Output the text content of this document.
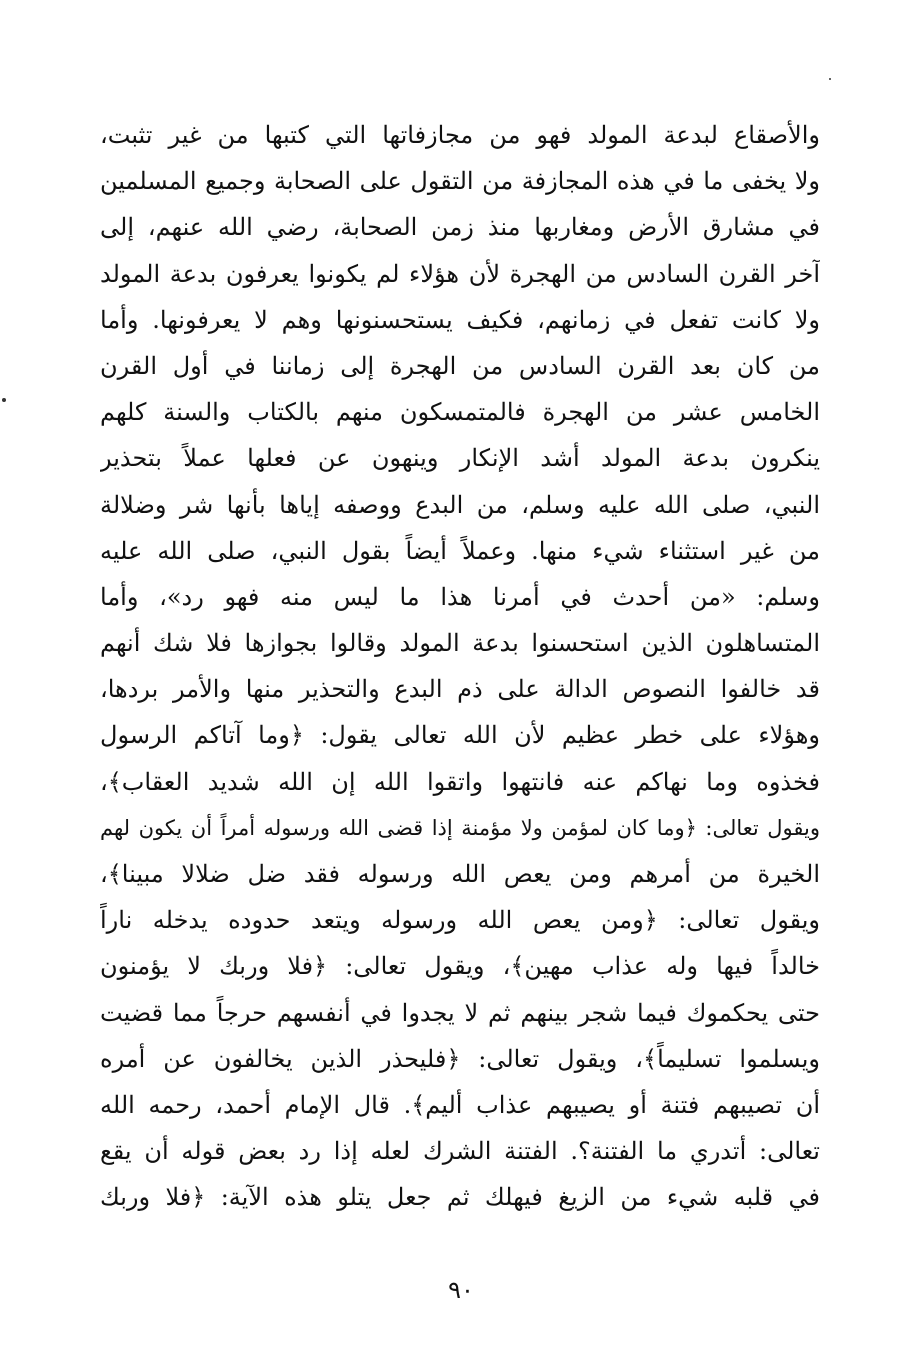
والأصقاع لبدعة المولد فهو من مجازفاتها التي كتبها من غير تثبت،
ولا يخفى ما في هذه المجازفة من التقول على الصحابة وجميع المسلمين
في مشارق الأرض ومغاربها منذ زمن الصحابة، رضي الله عنهم، إلى
آخر القرن السادس من الهجرة لأن هؤلاء لم يكونوا يعرفون بدعة المولد
ولا كانت تفعل في زمانهم، فكيف يستحسنونها وهم لا يعرفونها. وأما
من كان بعد القرن السادس من الهجرة إلى زماننا في أول القرن
الخامس عشر من الهجرة فالمتمسكون منهم بالكتاب والسنة كلهم
ينكرون بدعة المولد أشد الإنكار وينهون عن فعلها عملاً بتحذير
النبي، صلى الله عليه وسلم، من البدع ووصفه إياها بأنها شر وضلالة
من غير استثناء شيء منها. وعملاً أيضاً بقول النبي، صلى الله عليه
وسلم: «من أحدث في أمرنا هذا ما ليس منه فهو رد»، وأما
المتساهلون الذين استحسنوا بدعة المولد وقالوا بجوازها فلا شك أنهم
قد خالفوا النصوص الدالة على ذم البدع والتحذير منها والأمر بردها،
وهؤلاء على خطر عظيم لأن الله تعالى يقول: ﴿وما آتاكم الرسول
فخذوه وما نهاكم عنه فانتهوا واتقوا الله إن الله شديد العقاب﴾،
ويقول تعالى: ﴿وما كان لمؤمن ولا مؤمنة إذا قضى الله ورسوله أمراً أن يكون لهم
الخيرة من أمرهم ومن يعص الله ورسوله فقد ضل ضلالا مبينا﴾،
ويقول تعالى: ﴿ومن يعص الله ورسوله ويتعد حدوده يدخله ناراً
خالداً فيها وله عذاب مهين﴾، ويقول تعالى: ﴿فلا وربك لا يؤمنون
حتى يحكموك فيما شجر بينهم ثم لا يجدوا في أنفسهم حرجاً مما قضيت
ويسلموا تسليماً﴾، ويقول تعالى: ﴿فليحذر الذين يخالفون عن أمره
أن تصيبهم فتنة أو يصيبهم عذاب أليم﴾. قال الإمام أحمد، رحمه الله
تعالى: أتدري ما الفتنة؟. الفتنة الشرك لعله إذا رد بعض قوله أن يقع
في قلبه شيء من الزيغ فيهلك ثم جعل يتلو هذه الآية: ﴿فلا وربك
٩٠
